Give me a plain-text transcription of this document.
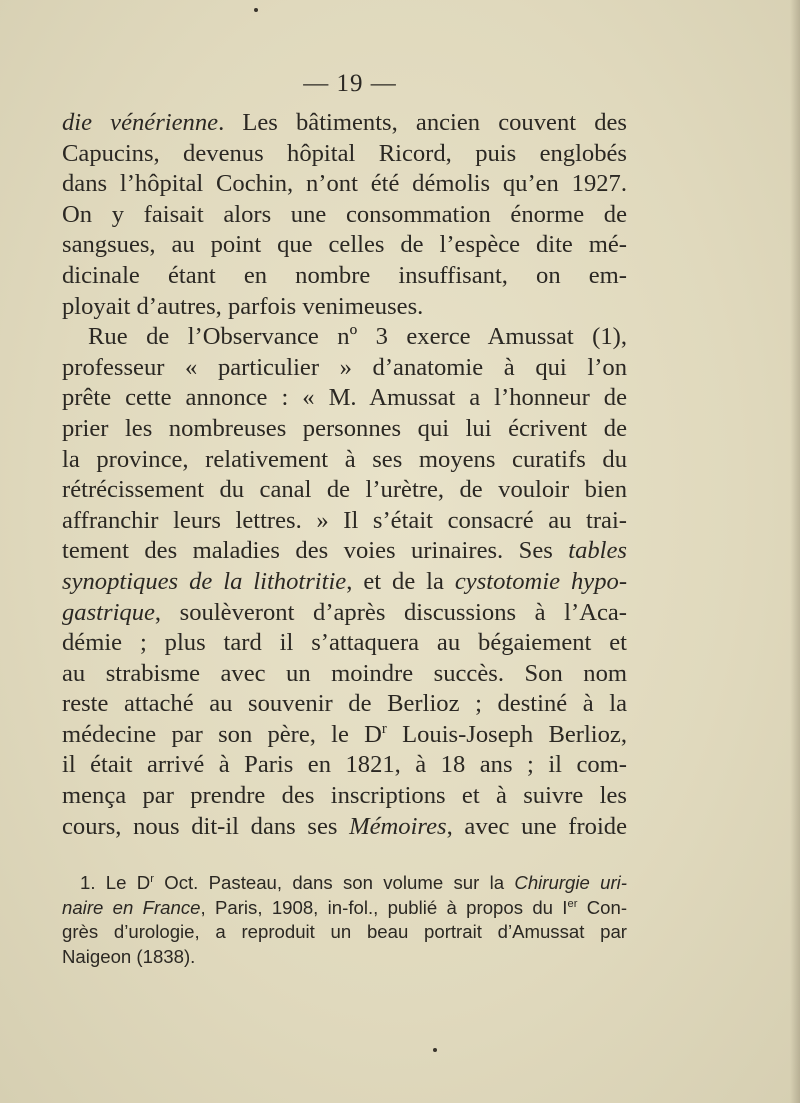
— 19 —
die vénérienne. Les bâtiments, ancien couvent des
Capucins, devenus hôpital Ricord, puis englobés
dans l’hôpital Cochin, n’ont été démolis qu’en 1927.
On y faisait alors une consommation énorme de
sangsues, au point que celles de l’espèce dite mé-
dicinale étant en nombre insuffisant, on em-
ployait d’autres, parfois venimeuses.
Rue de l’Observance nº 3 exerce Amussat (1),
professeur « particulier » d’anatomie à qui l’on
prête cette annonce : « M. Amussat a l’honneur de
prier les nombreuses personnes qui lui écrivent de
la province, relativement à ses moyens curatifs du
rétrécissement du canal de l’urètre, de vouloir bien
affranchir leurs lettres. » Il s’était consacré au trai-
tement des maladies des voies urinaires. Ses tables
synoptiques de la lithotritie, et de la cystotomie hypo-
gastrique, soulèveront d’après discussions à l’Aca-
démie ; plus tard il s’attaquera au bégaiement et
au strabisme avec un moindre succès. Son nom
reste attaché au souvenir de Berlioz ; destiné à la
médecine par son père, le $D^r$ Louis-Joseph Berlioz,
il était arrivé à Paris en 1821, à 18 ans ; il com-
mença par prendre des inscriptions et à suivre les
cours, nous dit-il dans ses Mémoires, avec une froide
1. Le $D^r$ Oct. Pasteau, dans son volume sur la Chirurgie uri-
naire en France, Paris, 1908, in-fol., publié à propos du Ier Con-
grès d’urologie, a reproduit un beau portrait d’Amussat par
Naigeon (1838).
